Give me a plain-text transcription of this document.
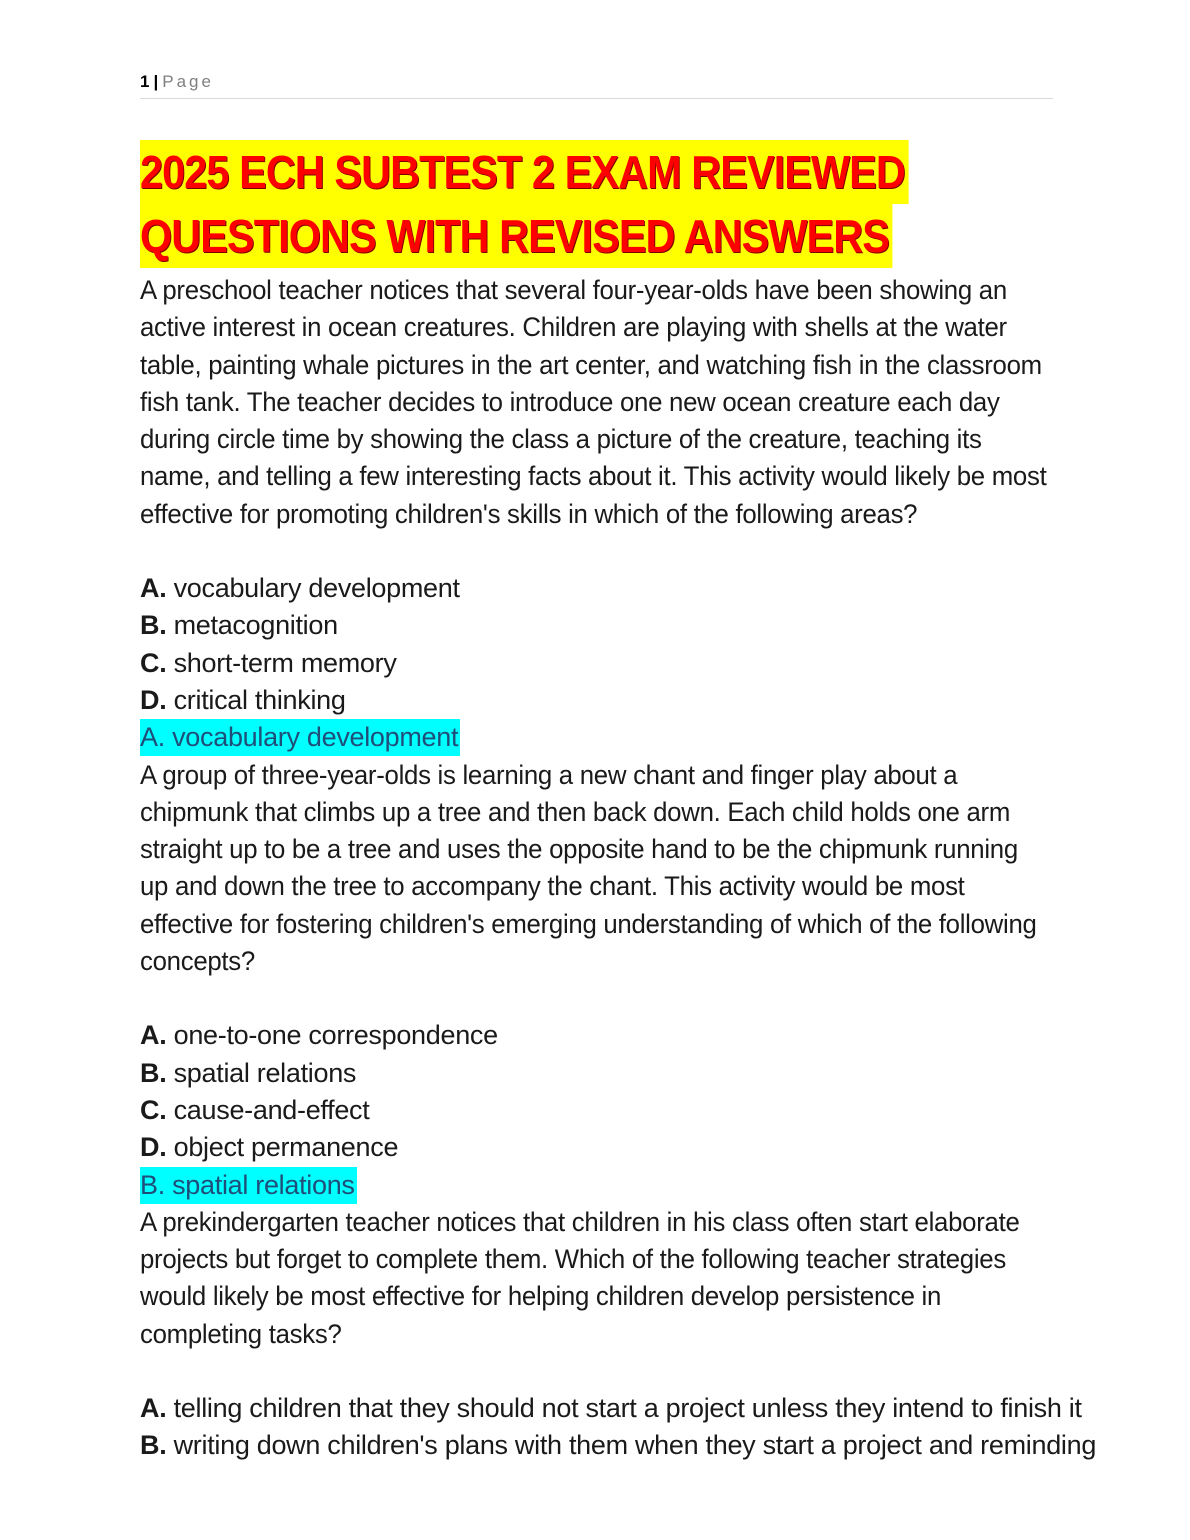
1 | Page
2025 ECH SUBTEST 2 EXAM REVIEWED
QUESTIONS WITH REVISED ANSWERS

A preschool teacher notices that several four-year-olds have been showing an active interest in ocean creatures. Children are playing with shells at the water table, painting whale pictures in the art center, and watching fish in the classroom fish tank. The teacher decides to introduce one new ocean creature each day during circle time by showing the class a picture of the creature, teaching its name, and telling a few interesting facts about it. This activity would likely be most effective for promoting children's skills in which of the following areas?

A. vocabulary development

B. metacognition

C. short-term memory

D. critical thinking

A. vocabulary development

A group of three-year-olds is learning a new chant and finger play about a chipmunk that climbs up a tree and then back down. Each child holds one arm straight up to be a tree and uses the opposite hand to be the chipmunk running up and down the tree to accompany the chant. This activity would be most effective for fostering children's emerging understanding of which of the following concepts?

A. one-to-one correspondence

B. spatial relations

C. cause-and-effect

D. object permanence

B. spatial relations

A prekindergarten teacher notices that children in his class often start elaborate projects but forget to complete them. Which of the following teacher strategies would likely be most effective for helping children develop persistence in completing tasks?

A. telling children that they should not start a project unless they intend to finish it

B. writing down children's plans with them when they start a project and reminding
